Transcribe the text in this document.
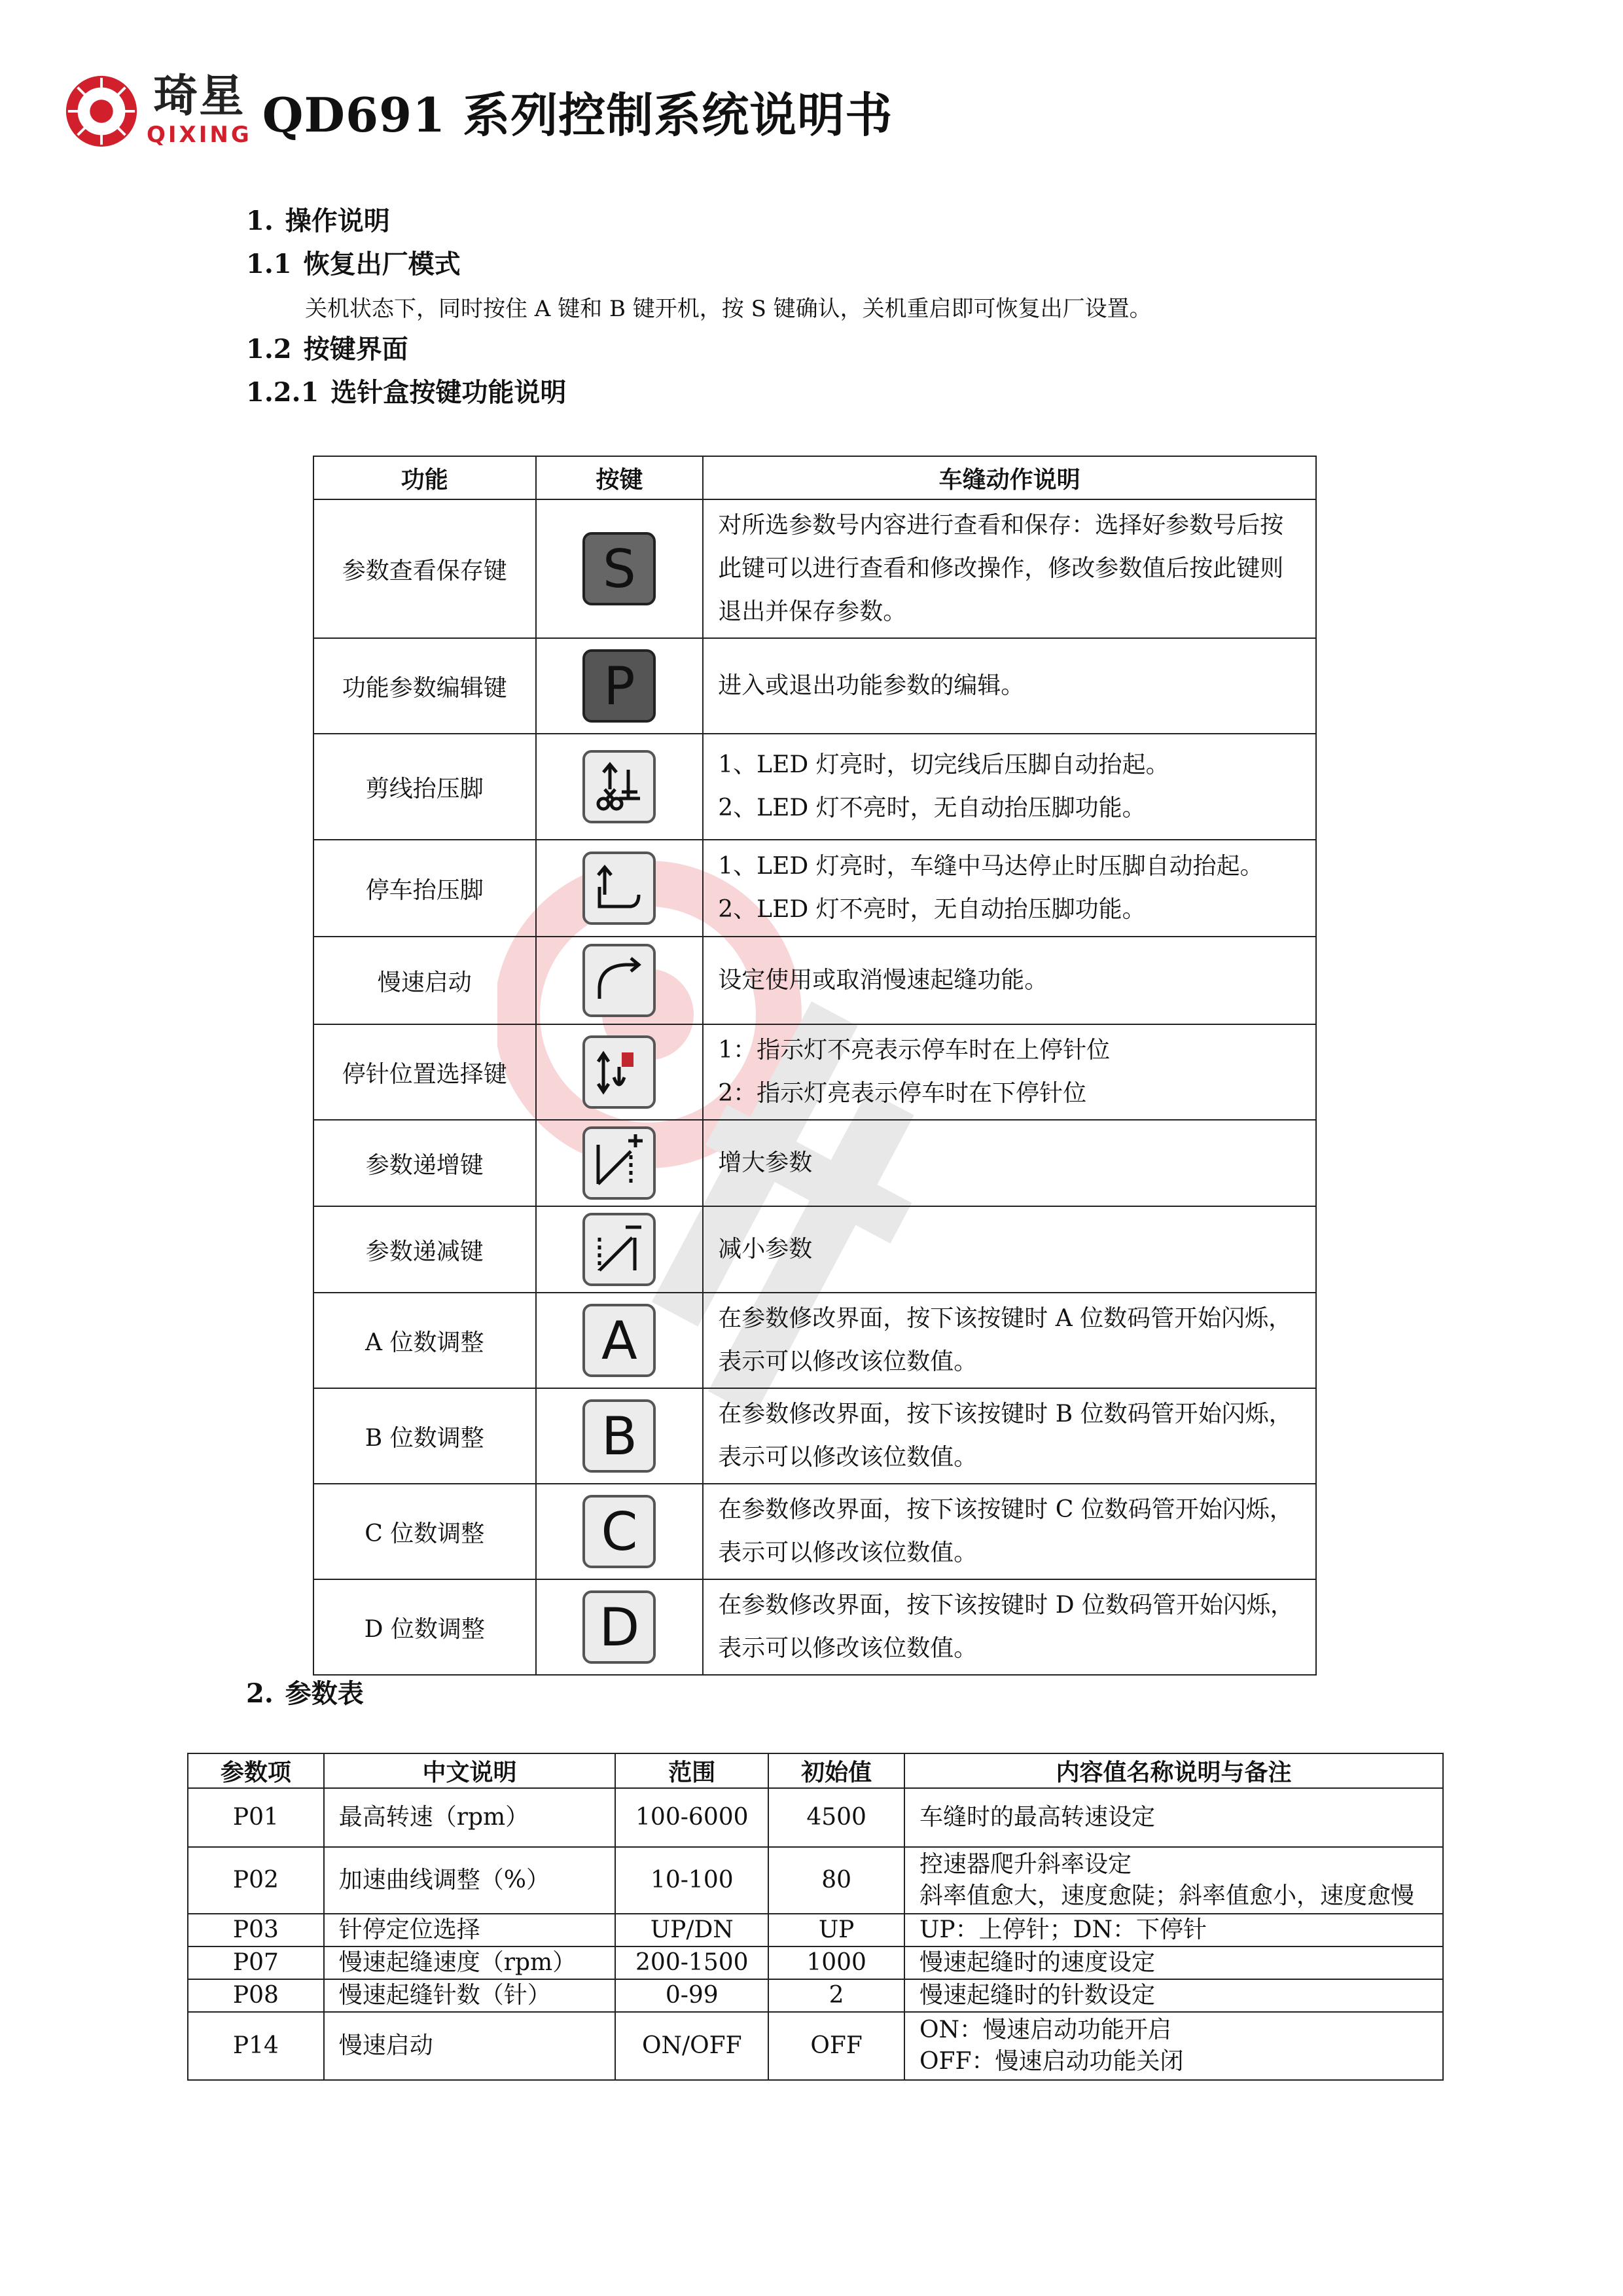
琦星
QIXING QD691 系列控制系统说明书
1. 操作说明
1.1 恢复出厂模式
关机状态下，同时按住 A 键和 B 键开机，按 S 键确认，关机重启即可恢复出厂设置。
1.2 按键界面
1.2.1 选针盒按键功能说明
功能	按键	车缝动作说明
参数查看保存键	S	对所选参数号内容进行查看和保存：选择好参数号后按
此键可以进行查看和修改操作，修改参数值后按此键则
退出并保存参数。

功能参数编辑键	P	进入或退出功能参数的编辑。

剪线抬压脚		1、LED 灯亮时，切完线后压脚自动抬起。
2、LED 灯不亮时，无自动抬压脚功能。

停车抬压脚		1、LED 灯亮时，车缝中马达停止时压脚自动抬起。
2、LED 灯不亮时，无自动抬压脚功能。

慢速启动		设定使用或取消慢速起缝功能。

停针位置选择键		1：指示灯不亮表示停车时在上停针位
2：指示灯亮表示停车时在下停针位

参数递增键		增大参数

参数递减键		减小参数

A 位数调整	A	在参数修改界面，按下该按键时 A 位数码管开始闪烁，
表示可以修改该位数值。

B 位数调整	B	在参数修改界面，按下该按键时 B 位数码管开始闪烁，
表示可以修改该位数值。

C 位数调整	C	在参数修改界面，按下该按键时 C 位数码管开始闪烁，
表示可以修改该位数值。

D 位数调整	D	在参数修改界面，按下该按键时 D 位数码管开始闪烁，
表示可以修改该位数值。
2. 参数表
参数项	中文说明	范围	初始值	内容值名称说明与备注
P01	最高转速（rpm）	100-6000	4500	车缝时的最高转速设定

P02	加速曲线调整（%）	10-100	80	控速器爬升斜率设定
斜率值愈大，速度愈陡；斜率值愈小，速度愈慢

P03	针停定位选择	UP/DN	UP	UP：上停针；DN：下停针

P07	慢速起缝速度（rpm）	200-1500	1000	慢速起缝时的速度设定

P08	慢速起缝针数（针）	0-99	2	慢速起缝时的针数设定

P14	慢速启动	ON/OFF	OFF	ON：慢速启动功能开启
OFF：慢速启动功能关闭
